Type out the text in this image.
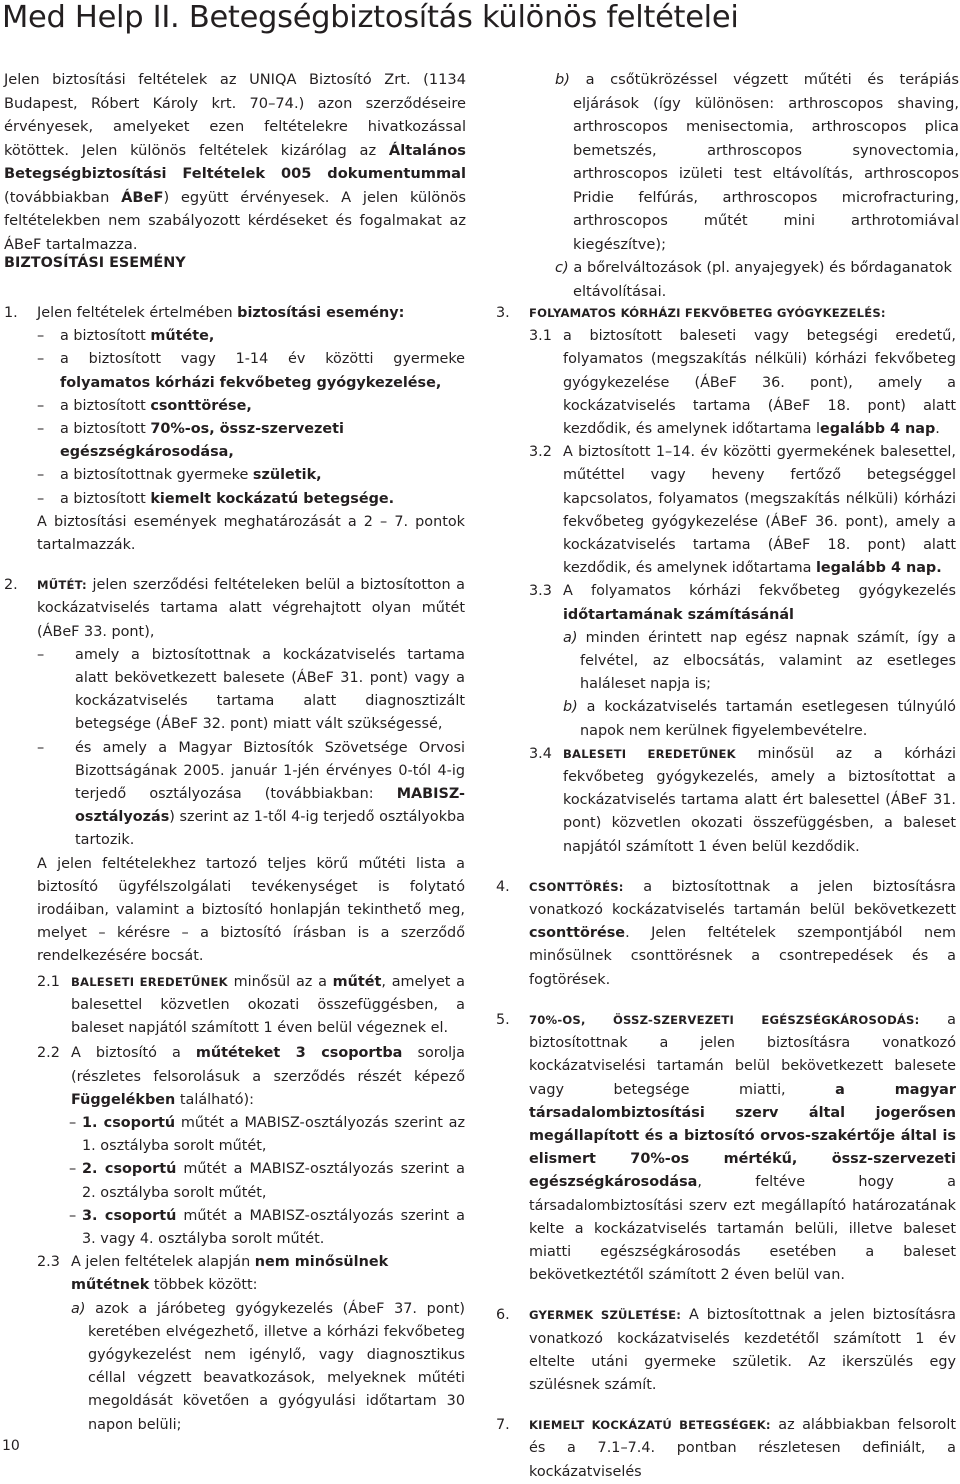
Med Help II. Betegségbiztosítás különös feltételei
Jelen biztosítási feltételek az UNIQA Biztosító Zrt. (1134 Budapest, Róbert Károly krt. 70–74.) azon szerződéseire érvényesek, amelyeket ezen feltételekre hivatkozással kötöttek. Jelen különös feltételek kizárólag az Általános Betegségbiztosítási Feltételek 005 dokumentummal (továbbiakban ÁBeF) együtt érvényesek. A jelen különös feltételekben nem szabályozott kérdéseket és fogalmakat az ÁBeF tartalmazza.

b) a csőtükrözéssel végzett műtéti és terápiás eljárások (így különösen: arthroscopos shaving, arthroscopos menisectomia, arthroscopos plica bemetszés, arthroscopos synovectomia, arthroscopos izületi test eltávolítás, arthroscopos Pridie felfúrás, arthroscopos microfracturing, arthroscopos műtét mini arthrotomiával kiegészítve);

c) a bőrelváltozások (pl. anyajegyek) és bőrdaganatok eltávolításai.

BIZTOSÍTÁSI ESEMÉNY
1.	Jelen feltételek értelmében biztosítási esemény:
–	a biztosított műtéte,
–	a biztosított vagy 1-14 év közötti gyermeke folyamatos kórházi fekvőbeteg gyógykezelése,
–	a biztosított csonttörése,
–	a biztosított 70%-os, össz-szervezeti egészségkárosodása,
–	a biztosítottnak gyermeke születik,
–	a biztosított kiemelt kockázatú betegsége.

A biztosítási események meghatározását a 2 – 7. pontok tartalmazzák.

2.	MŰTÉT: jelen szerződési feltételeken belül a biztosítotton a kockázatviselés tartama alatt végrehajtott olyan műtét (ÁBeF 33. pont),

–	amely a biztosítottnak a kockázatviselés tartama alatt bekövetkezett balesete (ÁBeF 31. pont) vagy a kockázatviselés tartama alatt diagnosztizált betegsége (ÁBeF 32. pont) miatt vált szükségessé,
–	és amely a Magyar Biztosítók Szövetsége Orvosi Bizottságának 2005. január 1-jén érvényes 0-tól 4-ig terjedő osztályozása (továbbiakban: MABISZ-osztályozás) szerint az 1-től 4-ig terjedő osztályokba tartozik.

A jelen feltételekhez tartozó teljes körű műtéti lista a biztosító ügyfélszolgálati tevékenységet is folytató irodáiban, valamint a biztosító honlapján tekinthető meg, melyet – kérésre – a biztosító írásban is a szerződő rendelkezésére bocsát.

2.1 BALESETI EREDETŰNEK minősül az a műtét, amelyet a balesettel közvetlen okozati összefüggésben, a baleset napjától számított 1 éven belül végeznek el.

2.2 A biztosító a műtéteket 3 csoportba sorolja (részletes felsorolásuk a szerződés részét képező Függelékben található):

– 1. csoportú műtét a MABISZ-osztályozás szerint az 1. osztályba sorolt műtét,
– 2. csoportú műtét a MABISZ-osztályozás szerint a 2. osztályba sorolt műtét,
– 3. csoportú műtét a MABISZ-osztályozás szerint a 3. vagy 4. osztályba sorolt műtét.
2.3 A jelen feltételek alapján nem minősülnek műtétnek többek között:

a) azok a járóbeteg gyógykezelés (ÁbeF 37. pont) keretében elvégezhető, illetve a kórházi fekvőbeteg gyógykezelést nem igénylő, vagy diagnosztikus céllal végzett beavatkozások, melyeknek műtéti megoldását követően a gyógyulási időtartam 30 napon belüli;

3.	FOLYAMATOS KÓRHÁZI FEKVŐBETEG GYÓGYKEZELÉS:
3.1 a biztosított baleseti vagy betegségi eredetű, folyamatos (megszakítás nélküli) kórházi fekvőbeteg gyógykezelése (ÁBeF 36. pont), amely a kockázatviselés tartama (ÁBeF 18. pont) alatt kezdődik, és amelynek időtartama legalább 4 nap.

3.2 A biztosított 1–14. év közötti gyermekének balesettel, műtéttel vagy heveny fertőző betegséggel kapcsolatos, folyamatos (megszakítás nélküli) kórházi fekvőbeteg gyógykezelése (ÁBeF 36. pont), amely a kockázatviselés tartama (ÁBeF 18. pont) alatt kezdődik, és amelynek időtartama legalább 4 nap.

3.3 A folyamatos kórházi fekvőbeteg gyógykezelés időtartamának számításánál

a) minden érintett nap egész napnak számít, így a felvétel, az elbocsátás, valamint az esetleges haláleset napja is;

b) a kockázatviselés tartamán esetlegesen túlnyúló napok nem kerülnek figyelembevételre.

3.4 BALESETI EREDETŰNEK minősül az a kórházi fekvőbeteg gyógykezelés, amely a biztosítottat a kockázatviselés tartama alatt ért balesettel (ÁBeF 31. pont) közvetlen okozati összefüggésben, a baleset napjától számított 1 éven belül kezdődik.

4.	CSONTTÖRÉS: a biztosítottnak a jelen biztosításra vonatkozó kockázatviselés tartamán belül bekövetkezett csonttörése. Jelen feltételek szempontjából nem minősülnek csonttörésnek a csontrepedések és a fogtörések.

5.	70%-OS, ÖSSZ-SZERVEZETI EGÉSZSÉGKÁROSODÁS: a biztosítottnak a jelen biztosításra vonatkozó kockázatviselési tartamán belül bekövetkezett balesete vagy betegsége miatti, a magyar társadalombiztosítási szerv által jogerősen megállapított és a biztosító orvos-szakértője által is elismert 70%-os mértékű, össz-szervezeti egészségkárosodása, feltéve hogy a társadalombiztosítási szerv ezt megállapító határozatának kelte a kockázatviselés tartamán belüli, illetve baleset miatti egészségkárosodás esetében a baleset bekövetkeztétől számított 2 éven belül van.

6.	GYERMEK SZÜLETÉSE: A biztosítottnak a jelen biztosításra vonatkozó kockázatviselés kezdetétől számított 1 év eltelte utáni gyermeke születik. Az ikerszülés egy szülésnek számít.

7.	KIEMELT KOCKÁZATÚ BETEGSÉGEK: az alábbiakban felsorolt és a 7.1–7.4. pontban részletesen definiált, a kockázatviselés

10
